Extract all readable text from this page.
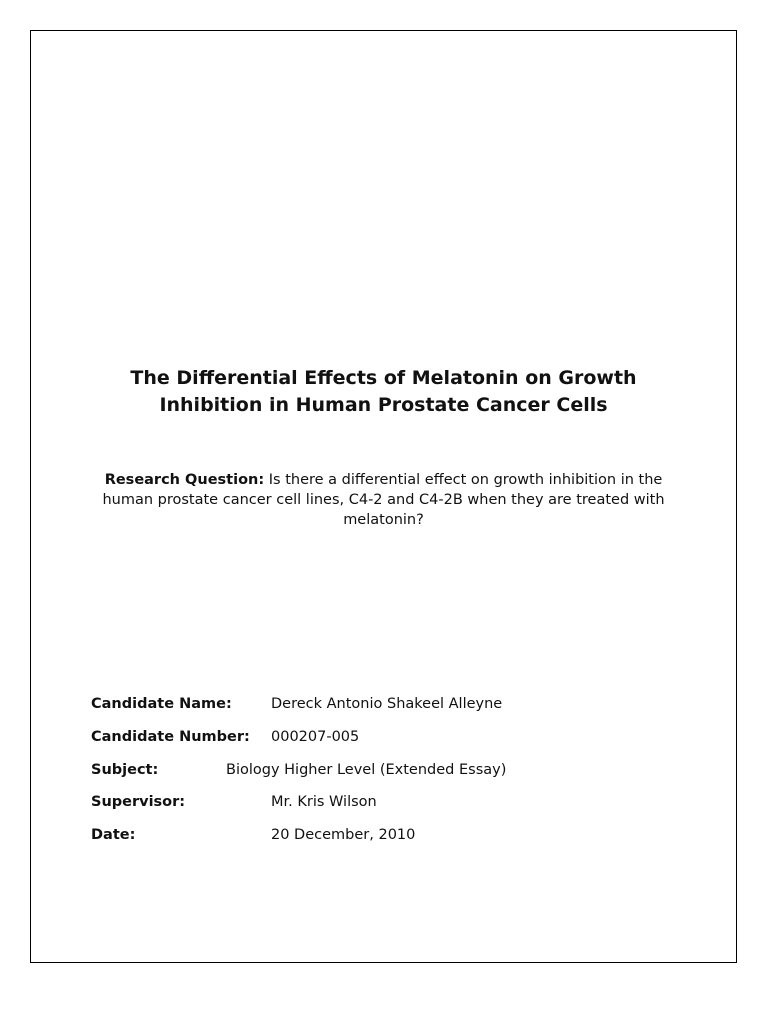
The Differential Effects of Melatonin on Growth
Inhibition in Human Prostate Cancer Cells

Research Question: Is there a differential effect on growth inhibition in the human prostate cancer cell lines, C4-2 and C4-2B when they are treated with melatonin?

Candidate Name:	Dereck Antonio Shakeel Alleyne
Candidate Number: 000207-005
Subject:	Biology Higher Level (Extended Essay)
Supervisor:	Mr. Kris Wilson
Date:	20 December, 2010
